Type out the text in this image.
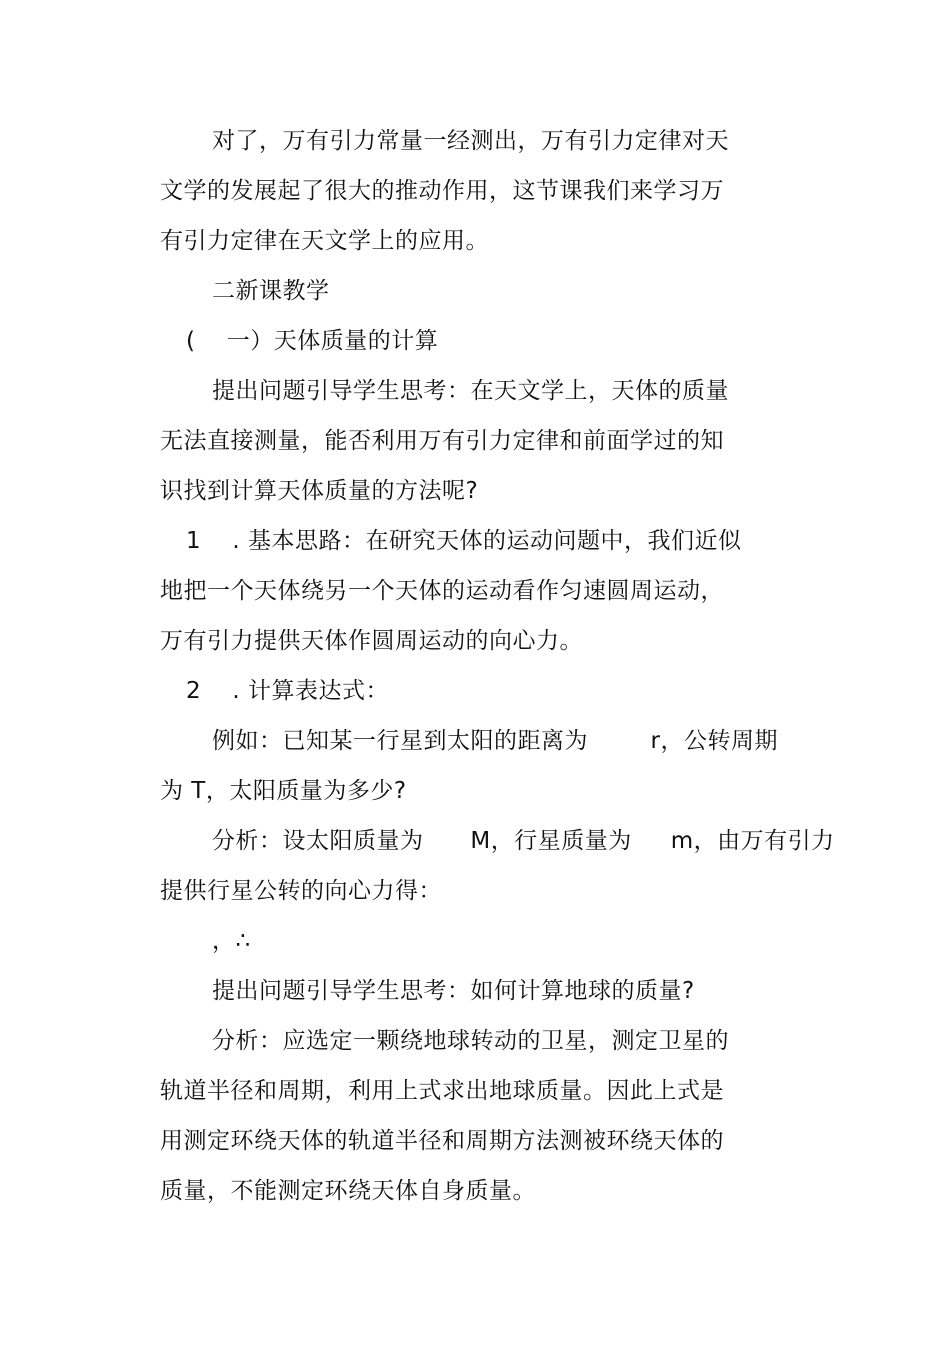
对了，万有引力常量一经测出，万有引力定律对天
文学的发展起了很大的推动作用，这节课我们来学习万
有引力定律在天文学上的应用。
二新课教学
(    一）天体质量的计算
提出问题引导学生思考：在天文学上，天体的质量
无法直接测量，能否利用万有引力定律和前面学过的知
识找到计算天体质量的方法呢?
1    . 基本思路：在研究天体的运动问题中，我们近似
地把一个天体绕另一个天体的运动看作匀速圆周运动，
万有引力提供天体作圆周运动的向心力。
2    . 计算表达式：
例如：已知某一行星到太阳的距离为        r，公转周期
为 T，太阳质量为多少?
分析：设太阳质量为      M，行星质量为     m，由万有引力
提供行星公转的向心力得：
，∴
提出问题引导学生思考：如何计算地球的质量?
分析：应选定一颗绕地球转动的卫星，测定卫星的
轨道半径和周期，利用上式求出地球质量。因此上式是
用测定环绕天体的轨道半径和周期方法测被环绕天体的
质量，不能测定环绕天体自身质量。
